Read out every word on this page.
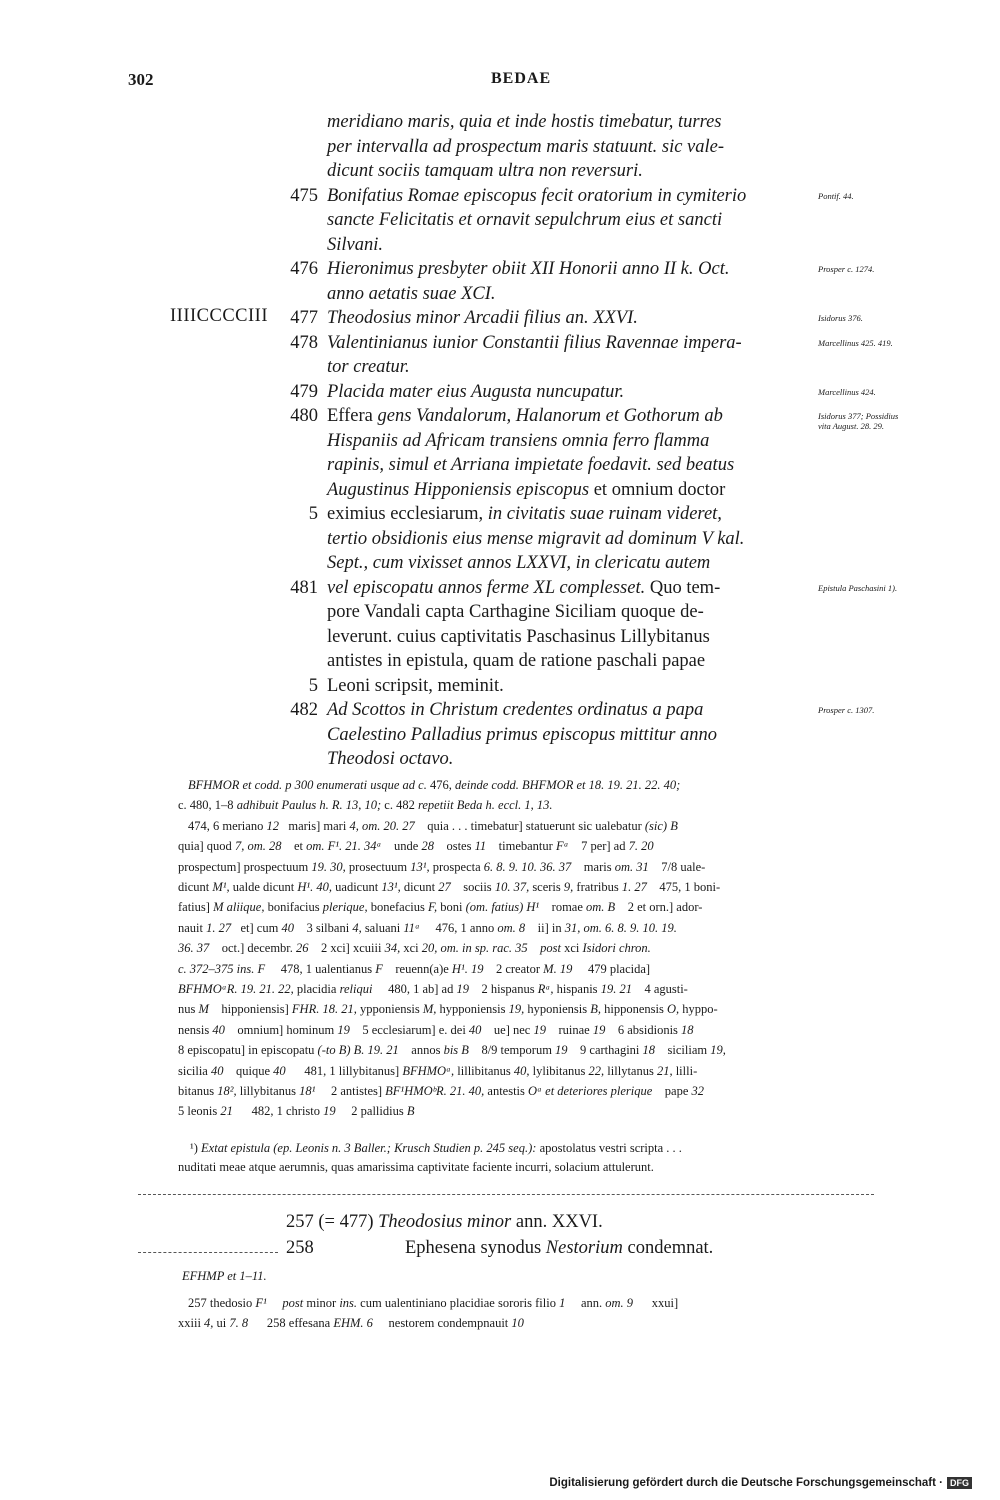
302	BEDAE
IIIICCCCIII
meridiano maris, quia et inde hostis timebatur, turres
per intervalla ad prospectum maris statuunt. sic vale-
dicunt sociis tamquam ultra non reversuri.
475 Bonifatius Romae episcopus fecit oratorium in cymiterio
sancte Felicitatis et ornavit sepulchrum eius et sancti
Silvani.
476 Hieronimus presbyter obiit XII Honorii anno II k. Oct.
anno aetatis suae XCI.
477 Theodosius minor Arcadii filius an. XXVI.
478 Valentinianus iunior Constantii filius Ravennae impera-
tor creatur.
479 Placida mater eius Augusta nuncupatur.
480 Effera gens Vandalorum, Halanorum et Gothorum ab
Hispaniis ad Africam transiens omnia ferro flamma
rapinis, simul et Arriana impietate foedavit. sed beatus
Augustinus Hipponiensis episcopus et omnium doctor
5 eximius ecclesiarum, in civitatis suae ruinam videret,
tertio obsidionis eius mense migravit ad dominum V kal.
Sept., cum vixisset annos LXXVI, in clericatu autem
481 vel episcopatu annos ferme XL complesset. Quo tem-
pore Vandali capta Carthagine Siciliam quoque de-
leverunt. cuius captivitatis Paschasinus Lillybitanus
antistes in epistula, quam de ratione paschali papae
5 Leoni scripsit, meminit.
482 Ad Scottos in Christum credentes ordinatus a papa
Caelestino Palladius primus episcopus mittitur anno
Theodosi octavo.
Pontif. 44.
Prosper c. 1274.
Isidorus 376.
Marcellinus 425. 419.
Marcellinus 424.
Isidorus 377; Possidius vita August. 28. 29.
Epistula Paschasini 1).
Prosper c. 1307.
BFHMOR et codd. p 300 enumerati usque ad c. 476, deinde codd. BHFMOR et 18. 19. 21. 22. 40;
c. 480, 1–8 adhibuit Paulus h. R. 13, 10; c. 482 repetiit Beda h. eccl. 1, 13.
474, 6 meriano 12   maris] mari 4, om. 20. 27    quia . . . timebatur] statuerunt sic ualebatur (sic) B
quia] quod 7, om. 28    et om. F¹. 21. 34ᵃ    unde 28    ostes 11    timebantur Fᵃ    7 per] ad 7. 20
prospectum] prospectuum 19. 30, prosectuum 13¹, prospecta 6. 8. 9. 10. 36. 37    maris om. 31    7/8 uale-
dicunt M¹, ualde dicunt H¹. 40, uadicunt 13¹, dicunt 27    sociis 10. 37, sceris 9, fratribus 1. 27    475, 1 boni-
fatius] M aliique, bonifacius plerique, bonefacius F, boni (om. fatius) H¹    romae om. B    2 et orn.] ador-
nauit 1. 27   et] cum 40    3 silbani 4, saluani 11ᵃ     476, 1 anno om. 8    ii] in 31, om. 6. 8. 9. 10. 19.
36. 37    oct.] decembr. 26    2 xci] xcuiii 34, xci 20, om. in sp. rac. 35 post xci Isidori chron.
c. 372–375 ins. F     478, 1 ualentianus F    reuenn(a)e H¹. 19    2 creator M. 19     479 placida]
BFHMOᵃR. 19. 21. 22, placidia reliqui     480, 1 ab] ad 19    2 hispanus Rᵃ, hispanis 19. 21    4 agusti-
nus M    hipponiensis] FHR. 18. 21, ypponiensis M, hypponiensis 19, hyponiensis B, hipponensis O, hyppo-
nensis 40    omnium] hominum 19    5 ecclesiarum] e. dei 40    ue] nec 19    ruinae 19    6 absidionis 18
8 episcopatu] in episcopatu (-to B) B. 19. 21    annos bis B    8/9 temporum 19    9 carthagini 18    siciliam 19,
sicilia 40    quique 40      481, 1 lillybitanus] BFHMOᵃ, lillibitanus 40, lylibitanus 22, lillytanus 21, lilli-
bitanus 18², lillybitanus 18¹     2 antistes] BF¹HMOᵇR. 21. 40, antestis Oᵃ et deteriores plerique    pape 32
5 leonis 21      482, 1 christo 19     2 pallidius B
¹) Extat epistula (ep. Leonis n. 3 Baller.; Krusch Studien p. 245 seq.): apostolatus vestri scripta . . .
nuditati meae atque aerumnis, quas amarissima captivitate faciente incurri, solacium attulerunt.
257 (= 477) Theodosius minor ann. XXVI.
258	Ephesena synodus Nestorium condemnat.
EFHMP et 1–11.
257 thedosio F¹ post minor ins. cum ualentiniano placidiae sororis filio 1     ann. om. 9      xxui]
xxiii 4, ui 7. 8      258 effesana EHM. 6     nestorem condempnauit 10
Digitalisierung gefördert durch die Deutsche Forschungsgemeinschaft · DFG
